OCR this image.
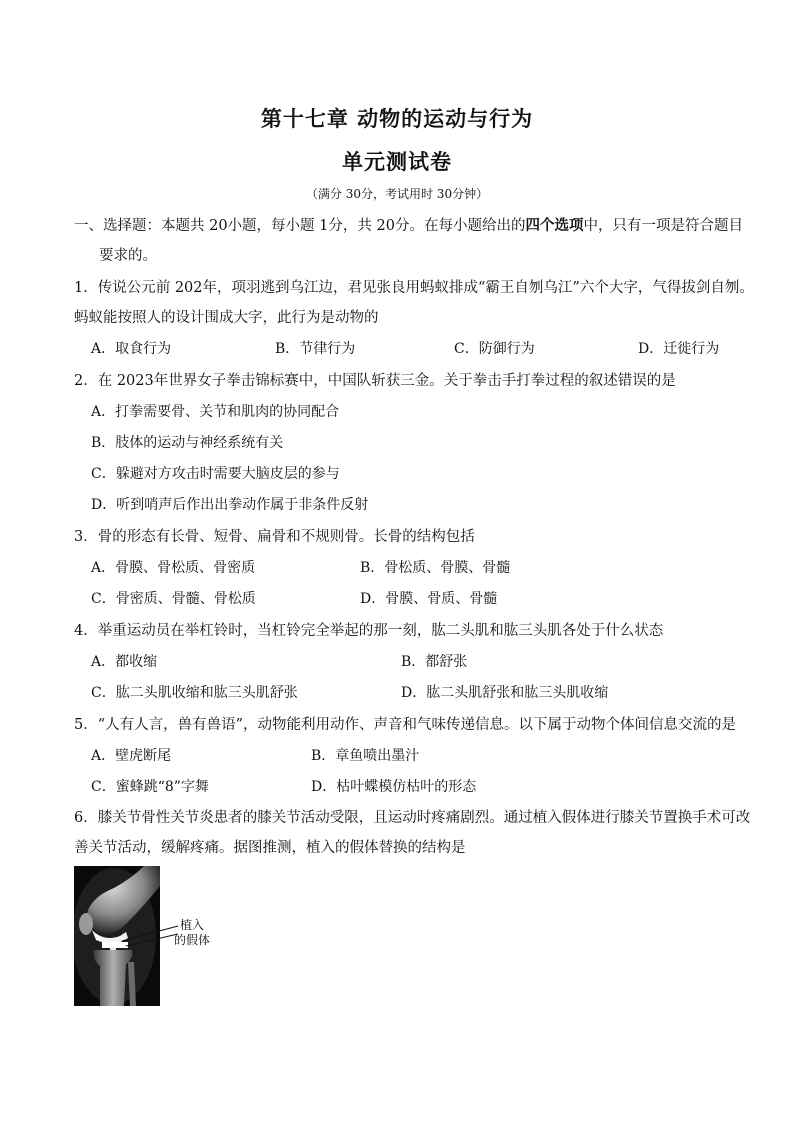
第十七章 动物的运动与行为
单元测试卷
（满分 30分，考试用时 30分钟）
一、选择题：本题共 20小题，每小题 1分，共 20分。在每小题给出的四个选项中，只有一项是符合题目
要求的。
1．传说公元前 202年，项羽逃到乌江边，君见张良用蚂蚁排成“霸王自刎乌江”六个大字，气得拔剑自刎。
蚂蚁能按照人的设计围成大字，此行为是动物的
A．取食行为	B．节律行为	C．防御行为	D．迁徙行为
2．在 2023年世界女子拳击锦标赛中，中国队斩获三金。关于拳击手打拳过程的叙述错误的是
A．打拳需要骨、关节和肌肉的协同配合
B．肢体的运动与神经系统有关
C．躲避对方攻击时需要大脑皮层的参与
D．听到哨声后作出出拳动作属于非条件反射
3．骨的形态有长骨、短骨、扁骨和不规则骨。长骨的结构包括
A．骨膜、骨松质、骨密质	B．骨松质、骨膜、骨髓
C．骨密质、骨髓、骨松质	D．骨膜、骨质、骨髓
4．举重运动员在举杠铃时，当杠铃完全举起的那一刻，肱二头肌和肱三头肌各处于什么状态
A．都收缩	B．都舒张
C．肱二头肌收缩和肱三头肌舒张	D．肱二头肌舒张和肱三头肌收缩
5．“人有人言，兽有兽语”，动物能利用动作、声音和气味传递信息。以下属于动物个体间信息交流的是
A．壁虎断尾	B．章鱼喷出墨汁
C．蜜蜂跳“8”字舞	D．枯叶蝶模仿枯叶的形态
6．膝关节骨性关节炎患者的膝关节活动受限，且运动时疼痛剧烈。通过植入假体进行膝关节置换手术可改
善关节活动，缓解疼痛。据图推测，植入的假体替换的结构是
植入
的假体
